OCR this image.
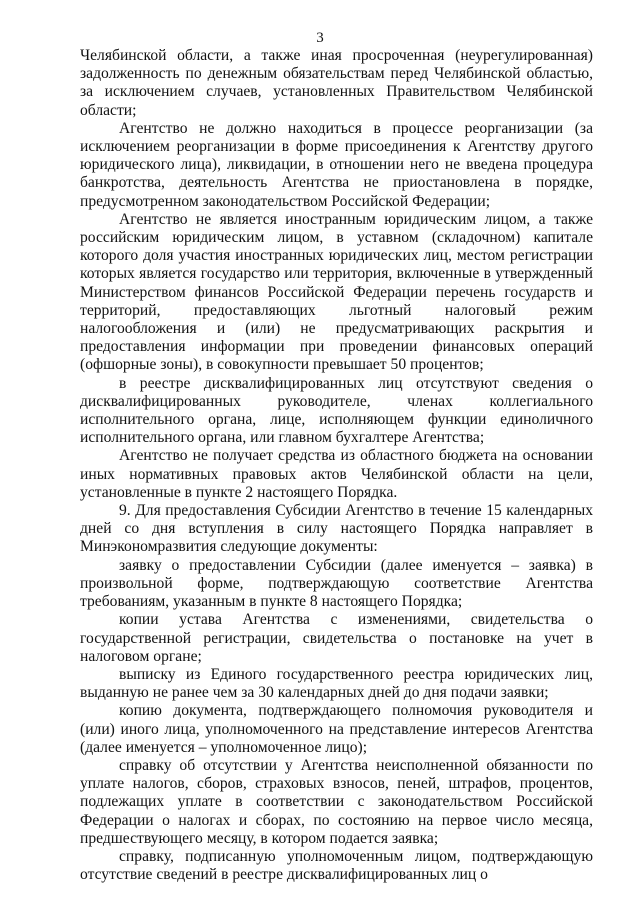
3

Челябинской области, а также иная просроченная (неурегулированная) задолженность по денежным обязательствам перед Челябинской областью, за исключением случаев, установленных Правительством Челябинской области;

Агентство не должно находиться в процессе реорганизации (за исключением реорганизации в форме присоединения к Агентству другого юридического лица), ликвидации, в отношении него не введена процедура банкротства, деятельность Агентства не приостановлена в порядке, предусмотренном законодательством Российской Федерации;

Агентство не является иностранным юридическим лицом, а также российским юридическим лицом, в уставном (складочном) капитале которого доля участия иностранных юридических лиц, местом регистрации которых является государство или территория, включенные в утвержденный Министерством финансов Российской Федерации перечень государств и территорий, предоставляющих льготный налоговый режим налогообложения и (или) не предусматривающих раскрытия и предоставления информации при проведении финансовых операций (офшорные зоны), в совокупности превышает 50 процентов;

в реестре дисквалифицированных лиц отсутствуют сведения о дисквалифицированных руководителе, членах коллегиального исполнительного органа, лице, исполняющем функции единоличного исполнительного органа, или главном бухгалтере Агентства;

Агентство не получает средства из областного бюджета на основании иных нормативных правовых актов Челябинской области на цели, установленные в пункте 2 настоящего Порядка.

9. Для предоставления Субсидии Агентство в течение 15 календарных дней со дня вступления в силу настоящего Порядка направляет в Минэкономразвития следующие документы:

заявку о предоставлении Субсидии (далее именуется – заявка) в произвольной форме, подтверждающую соответствие Агентства требованиям, указанным в пункте 8 настоящего Порядка;

копии устава Агентства с изменениями, свидетельства о государственной регистрации, свидетельства о постановке на учет в налоговом органе;

выписку из Единого государственного реестра юридических лиц, выданную не ранее чем за 30 календарных дней до дня подачи заявки;

копию документа, подтверждающего полномочия руководителя и (или) иного лица, уполномоченного на представление интересов Агентства (далее именуется – уполномоченное лицо);

справку об отсутствии у Агентства неисполненной обязанности по уплате налогов, сборов, страховых взносов, пеней, штрафов, процентов, подлежащих уплате в соответствии с законодательством Российской Федерации о налогах и сборах, по состоянию на первое число месяца, предшествующего месяцу, в котором подается заявка;

справку, подписанную уполномоченным лицом, подтверждающую отсутствие сведений в реестре дисквалифицированных лиц о
